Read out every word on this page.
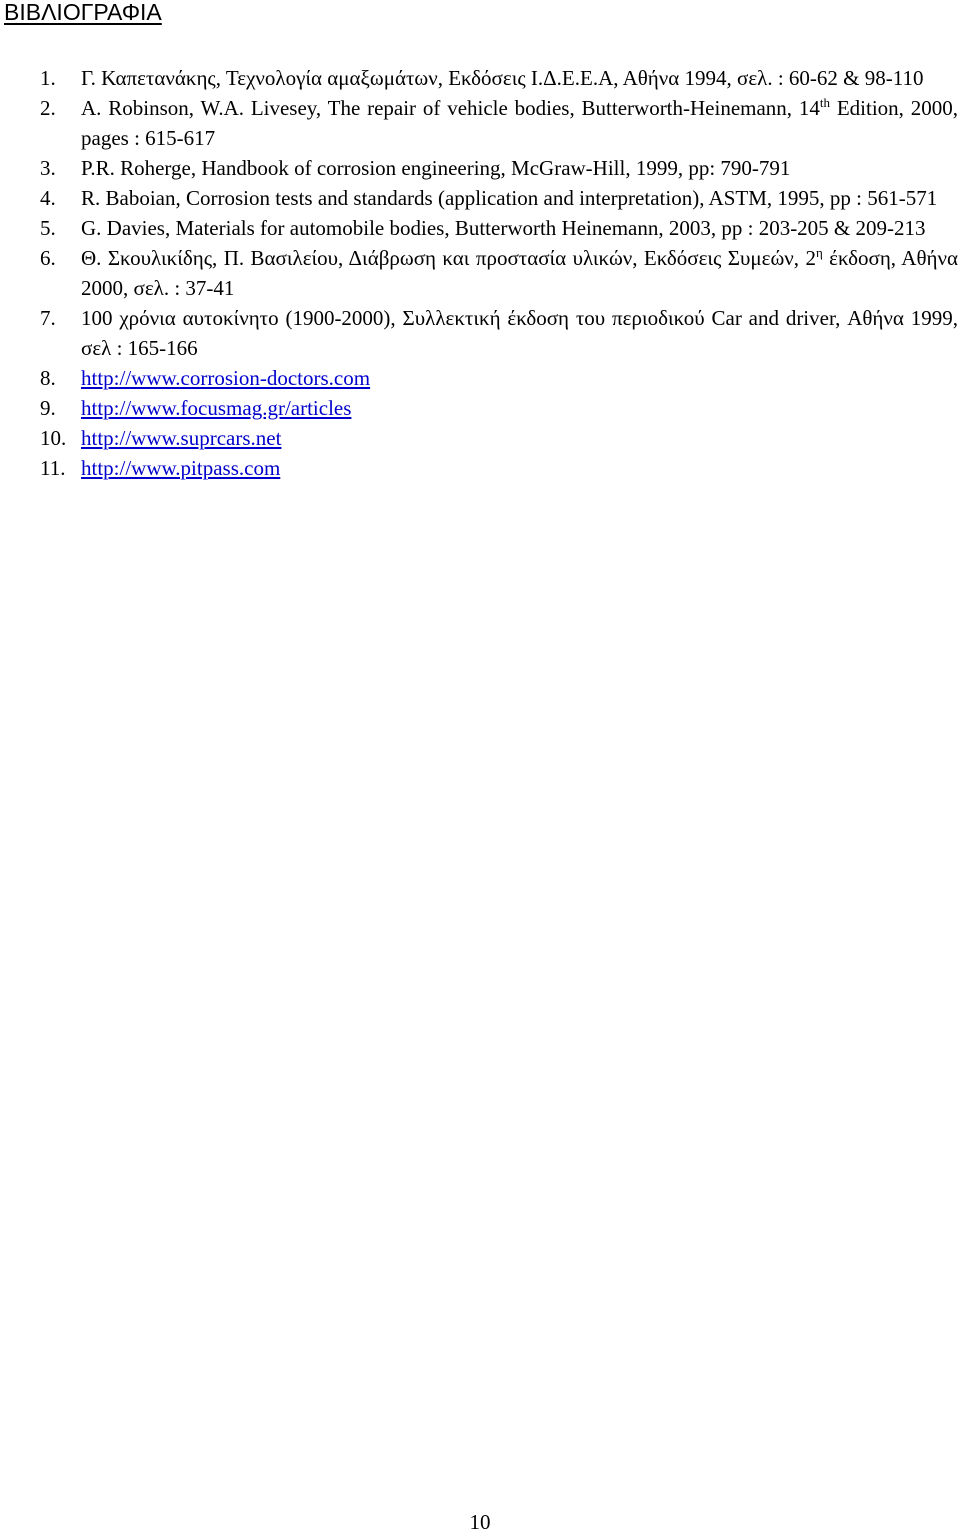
ΒΙΒΛΙΟΓΡΑΦΙΑ
1.	Γ. Καπετανάκης, Τεχνολογία αμαξωμάτων, Εκδόσεις Ι.Δ.Ε.Ε.Α, Αθήνα 1994, σελ. : 60-62 & 98-110
2.	A. Robinson, W.A. Livesey, The repair of vehicle bodies, Butterworth-Heinemann, 14th Edition, 2000, pages : 615-617
3.	P.R. Roherge, Handbook of corrosion engineering, McGraw-Hill, 1999, pp: 790-791
4.	R. Baboian, Corrosion tests and standards (application and interpretation), ASTM, 1995, pp : 561-571
5.	G. Davies, Materials for automobile bodies, Butterworth Heinemann, 2003, pp : 203-205 & 209-213
6.	Θ. Σκουλικίδης, Π. Βασιλείου, Διάβρωση και προστασία υλικών, Εκδόσεις Συμεών, $2^\eta$ έκδοση, Αθήνα 2000, σελ. : 37-41
7.	100 χρόνια αυτοκίνητο (1900-2000), Συλλεκτική έκδοση του περιοδικού Car and driver, Αθήνα 1999, σελ : 165-166
8.	http://www.corrosion-doctors.com
9.	http://www.focusmag.gr/articles
10. http://www.suprcars.net
11. http://www.pitpass.com
10
